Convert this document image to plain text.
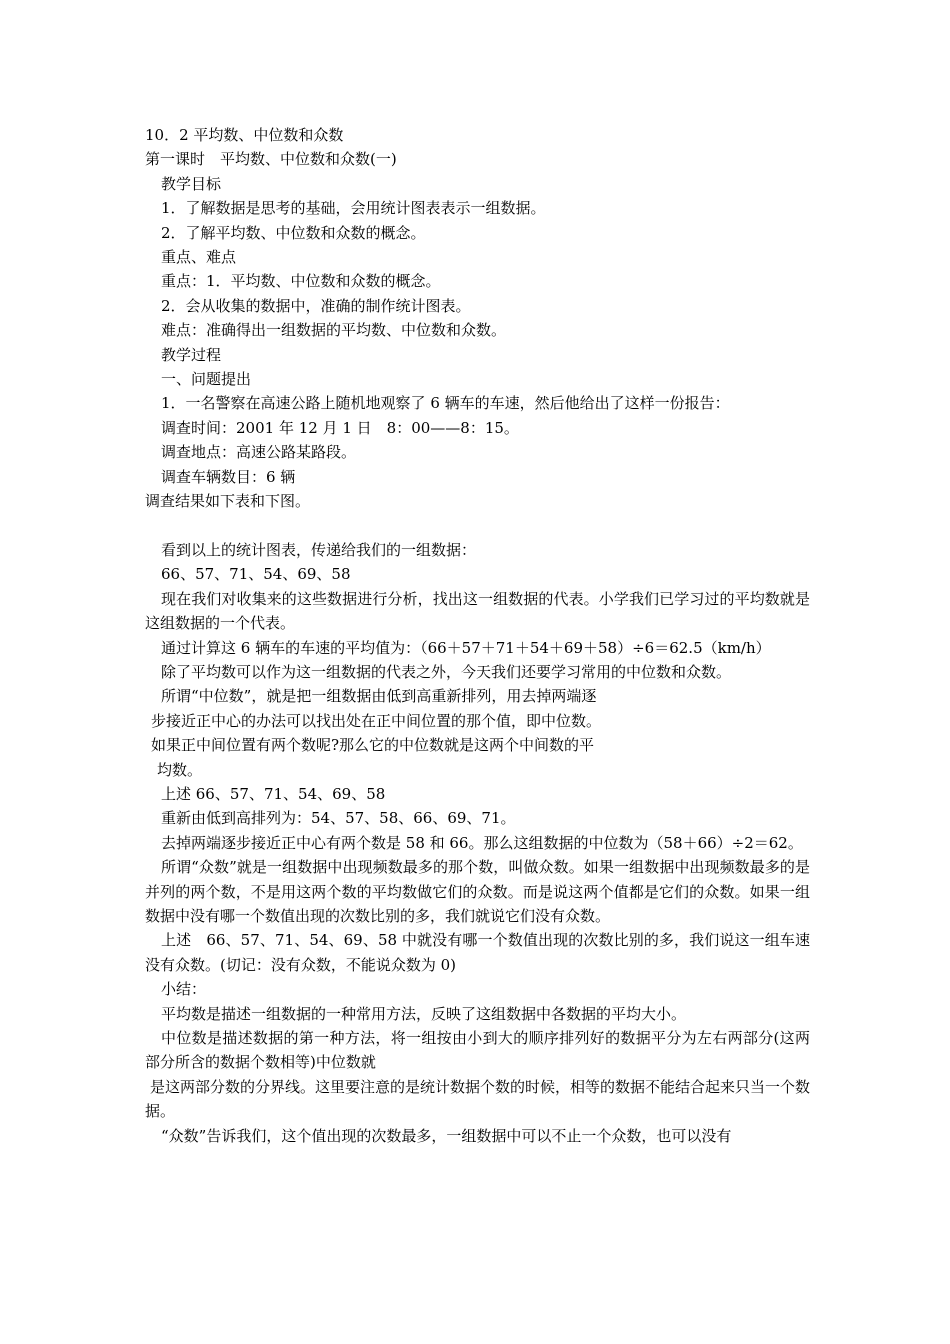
10．2 平均数、中位数和众数

第一课时　平均数、中位数和众数(一)

教学目标

1．了解数据是思考的基础，会用统计图表表示一组数据。

2．了解平均数、中位数和众数的概念。

重点、难点

重点：1．平均数、中位数和众数的概念。

2．会从收集的数据中，准确的制作统计图表。

难点：准确得出一组数据的平均数、中位数和众数。

教学过程

一、问题提出

1．一名警察在高速公路上随机地观察了 6 辆车的车速，然后他给出了这样一份报告：

调查时间：2001 年 12 月 1 日　8：00——8：15。

调查地点：高速公路某路段。

调查车辆数目：6 辆

调查结果如下表和下图。

看到以上的统计图表，传递给我们的一组数据：

66、57、71、54、69、58

现在我们对收集来的这些数据进行分析，找出这一组数据的代表。小学我们已学习过的平均数就是这组数据的一个代表。

通过计算这 6 辆车的车速的平均值为：（66＋57＋71＋54＋69＋58）÷6＝62.5（km/h）

除了平均数可以作为这一组数据的代表之外，今天我们还要学习常用的中位数和众数。

所谓“中位数”，就是把一组数据由低到高重新排列，用去掉两端逐

步接近正中心的办法可以找出处在正中间位置的那个值，即中位数。

如果正中间位置有两个数呢?那么它的中位数就是这两个中间数的平

均数。

上述 66、57、71、54、69、58

重新由低到高排列为：54、57、58、66、69、71。

去掉两端逐步接近正中心有两个数是 58 和 66。那么这组数据的中位数为（58＋66）÷2＝62。

所谓“众数”就是一组数据中出现频数最多的那个数，叫做众数。如果一组数据中出现频数最多的是并列的两个数，不是用这两个数的平均数做它们的众数。而是说这两个值都是它们的众数。如果一组数据中没有哪一个数值出现的次数比别的多，我们就说它们没有众数。

上述　66、57、71、54、69、58 中就没有哪一个数值出现的次数比别的多，我们说这一组车速没有众数。(切记：没有众数，不能说众数为 0)

小结：

平均数是描述一组数据的一种常用方法，反映了这组数据中各数据的平均大小。

中位数是描述数据的第一种方法，将一组按由小到大的顺序排列好的数据平分为左右两部分(这两部分所含的数据个数相等)中位数就

是这两部分数的分界线。这里要注意的是统计数据个数的时候，相等的数据不能结合起来只当一个数据。

“众数”告诉我们，这个值出现的次数最多，一组数据中可以不止一个众数，也可以没有
